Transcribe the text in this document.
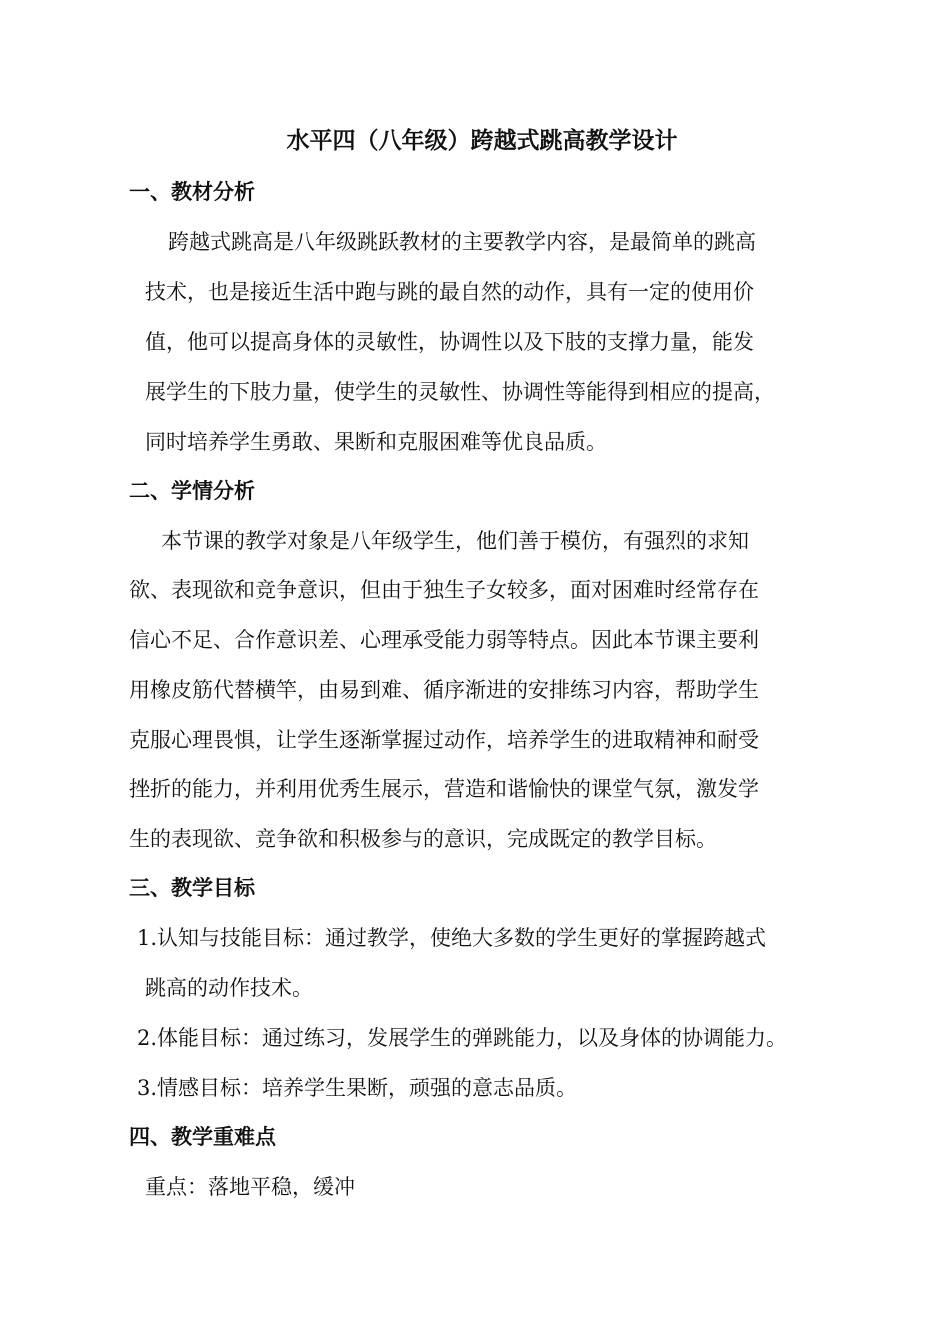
水平四（八年级）跨越式跳高教学设计
一、教材分析
跨越式跳高是八年级跳跃教材的主要教学内容，是最简单的跳高
技术，也是接近生活中跑与跳的最自然的动作，具有一定的使用价
值，他可以提高身体的灵敏性，协调性以及下肢的支撑力量，能发
展学生的下肢力量，使学生的灵敏性、协调性等能得到相应的提高，
同时培养学生勇敢、果断和克服困难等优良品质。
二、学情分析
本节课的教学对象是八年级学生，他们善于模仿，有强烈的求知
欲、表现欲和竞争意识，但由于独生子女较多，面对困难时经常存在
信心不足、合作意识差、心理承受能力弱等特点。因此本节课主要利
用橡皮筋代替横竿，由易到难、循序渐进的安排练习内容，帮助学生
克服心理畏惧，让学生逐渐掌握过动作，培养学生的进取精神和耐受
挫折的能力，并利用优秀生展示，营造和谐愉快的课堂气氛，激发学
生的表现欲、竞争欲和积极参与的意识，完成既定的教学目标。
三、教学目标
1.认知与技能目标：通过教学，使绝大多数的学生更好的掌握跨越式
跳高的动作技术。
2.体能目标：通过练习，发展学生的弹跳能力，以及身体的协调能力。
3.情感目标：培养学生果断，顽强的意志品质。
四、教学重难点
重点：落地平稳，缓冲
